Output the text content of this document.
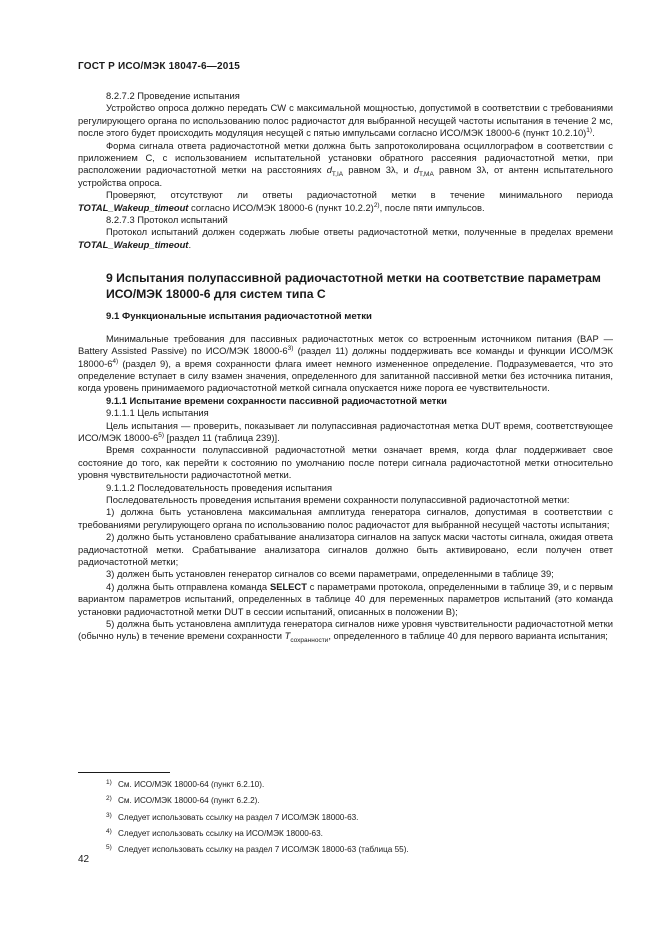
ГОСТ Р ИСО/МЭК 18047-6—2015

8.2.7.2 Проведение испытания

Устройство опроса должно передать CW с максимальной мощностью, допустимой в соответствии с требованиями регулирующего органа по использованию полос радиочастот для выбранной несущей частоты испытания в течение 2 мс, после этого будет происходить модуляция несущей с пятью импульсами согласно ИСО/МЭК 18000-6 (пункт 10.2.10)$^{1)}$.

Форма сигнала ответа радиочастотной метки должна быть запротоколирована осциллографом в соответствии с приложением C, с использованием испытательной установки обратного рассеяния радиочастотной метки, при расположении радиочастотной метки на расстояниях $d_{T,IA}$ равном 3λ, и $d_{T,MA}$ равном 3λ, от антенн испытательного устройства опроса.

Проверяют, отсутствуют ли ответы радиочастотной метки в течение минимального периода TOTAL_Wakeup_timeout согласно ИСО/МЭК 18000-6 (пункт 10.2.2)$^{2)}$, после пяти импульсов.

8.2.7.3 Протокол испытаний

Протокол испытаний должен содержать любые ответы радиочастотной метки, полученные в пределах времени TOTAL_Wakeup_timeout.

9 Испытания полупассивной радиочастотной метки на соответствие параметрам ИСО/МЭК 18000-6 для систем типа C
9.1 Функциональные испытания радиочастотной метки

Минимальные требования для пассивных радиочастотных меток со встроенным источником питания (BAP — Battery Assisted Passive) по ИСО/МЭК 18000-6$^{3)}$ (раздел 11) должны поддерживать все команды и функции ИСО/МЭК 18000-6$^{4)}$ (раздел 9), а время сохранности флага имеет немного измененное определение. Подразумевается, что это определение вступает в силу взамен значения, определенного для запитанной пассивной метки без источника питания, когда уровень принимаемого радиочастотной меткой сигнала опускается ниже порога ее чувствительности.

9.1.1 Испытание времени сохранности пассивной радиочастотной метки

9.1.1.1 Цель испытания

Цель испытания — проверить, показывает ли полупассивная радиочастотная метка DUT время, соответствующее ИСО/МЭК 18000-6$^{5)}$ [раздел 11 (таблица 239)].

Время сохранности полупассивной радиочастотной метки означает время, когда флаг поддерживает свое состояние до того, как перейти к состоянию по умолчанию после потери сигнала радиочастотной метки относительно уровня чувствительности радиочастотной метки.

9.1.1.2 Последовательность проведения испытания

Последовательность проведения испытания времени сохранности полупассивной радиочастотной метки:

1) должна быть установлена максимальная амплитуда генератора сигналов, допустимая в соответствии с требованиями регулирующего органа по использованию полос радиочастот для выбранной несущей частоты испытания;

2) должно быть установлено срабатывание анализатора сигналов на запуск маски частоты сигнала, ожидая ответа радиочастотной метки. Срабатывание анализатора сигналов должно быть активировано, если получен ответ радиочастотной метки;

3) должен быть установлен генератор сигналов со всеми параметрами, определенными в таблице 39;

4) должна быть отправлена команда SELECT с параметрами протокола, определенными в таблице 39, и с первым вариантом параметров испытаний, определенных в таблице 40 для переменных параметров испытаний (это команда установки радиочастотной метки DUT в сессии испытаний, описанных в положении B);

5) должна быть установлена амплитуда генератора сигналов ниже уровня чувствительности радиочастотной метки (обычно нуль) в течение времени сохранности $T_{сохранности}$, определенного в таблице 40 для первого варианта испытания;

1) См. ИСО/МЭК 18000-64 (пункт 6.2.10).
2) См. ИСО/МЭК 18000-64 (пункт 6.2.2).
3) Следует использовать ссылку на раздел 7 ИСО/МЭК 18000-63.
4) Следует использовать ссылку на ИСО/МЭК 18000-63.
5) Следует использовать ссылку на раздел 7 ИСО/МЭК 18000-63 (таблица 55).
42
